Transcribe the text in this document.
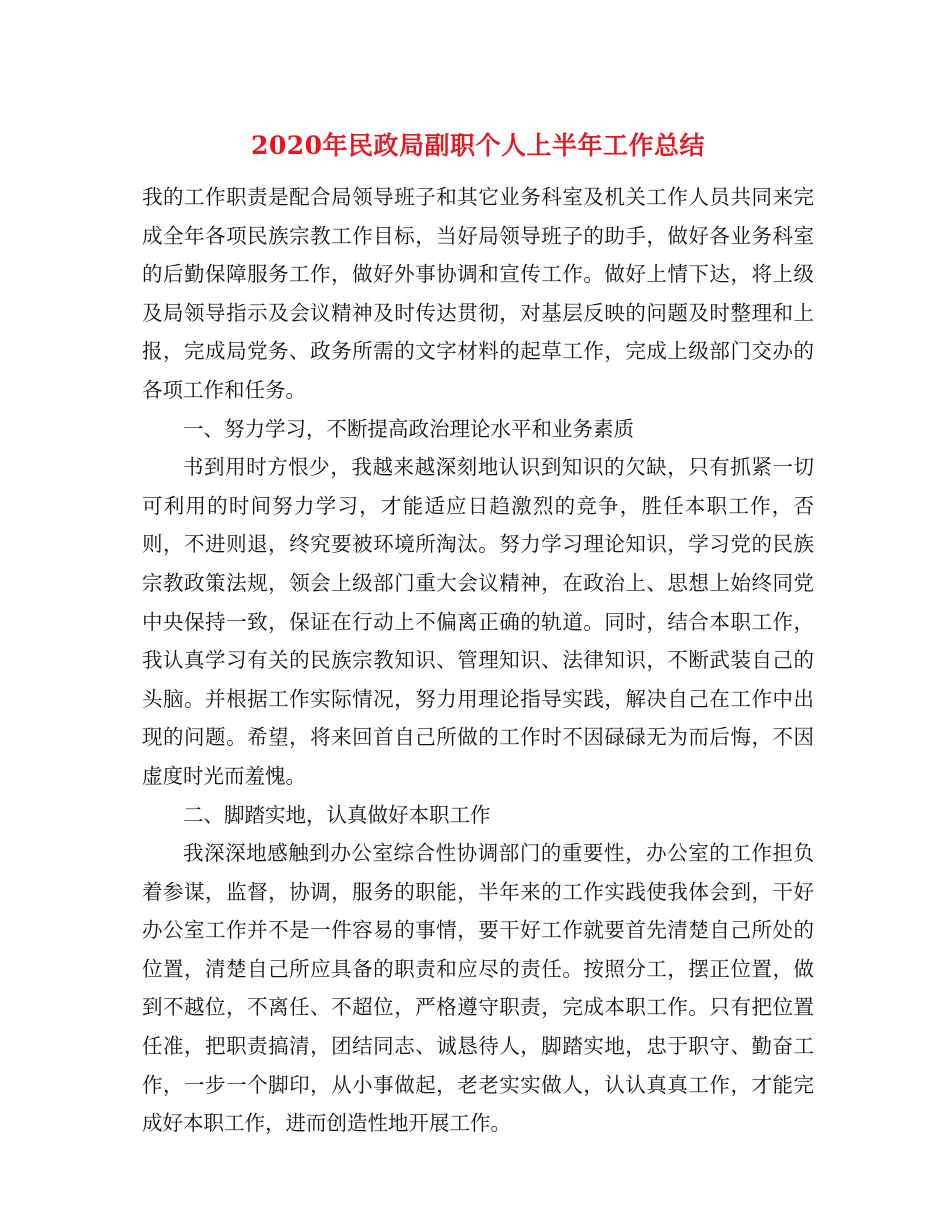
2020年民政局副职个人上半年工作总结

我的工作职责是配合局领导班子和其它业务科室及机关工作人员共同来完成全年各项民族宗教工作目标，当好局领导班子的助手，做好各业务科室的后勤保障服务工作，做好外事协调和宣传工作。做好上情下达，将上级及局领导指示及会议精神及时传达贯彻，对基层反映的问题及时整理和上报，完成局党务、政务所需的文字材料的起草工作，完成上级部门交办的各项工作和任务。

一、努力学习，不断提高政治理论水平和业务素质

书到用时方恨少，我越来越深刻地认识到知识的欠缺，只有抓紧一切可利用的时间努力学习，才能适应日趋激烈的竞争，胜任本职工作，否则，不进则退，终究要被环境所淘汰。努力学习理论知识，学习党的民族宗教政策法规，领会上级部门重大会议精神，在政治上、思想上始终同党中央保持一致，保证在行动上不偏离正确的轨道。同时，结合本职工作，我认真学习有关的民族宗教知识、管理知识、法律知识，不断武装自己的头脑。并根据工作实际情况，努力用理论指导实践，解决自己在工作中出现的问题。希望，将来回首自己所做的工作时不因碌碌无为而后悔，不因虚度时光而羞愧。

二、脚踏实地，认真做好本职工作

我深深地感触到办公室综合性协调部门的重要性，办公室的工作担负着参谋，监督，协调，服务的职能，半年来的工作实践使我体会到，干好办公室工作并不是一件容易的事情，要干好工作就要首先清楚自己所处的位置，清楚自己所应具备的职责和应尽的责任。按照分工，摆正位置，做到不越位，不离任、不超位，严格遵守职责，完成本职工作。只有把位置任准，把职责搞清，团结同志、诚恳待人，脚踏实地，忠于职守、勤奋工作，一步一个脚印，从小事做起，老老实实做人，认认真真工作，才能完成好本职工作，进而创造性地开展工作。
